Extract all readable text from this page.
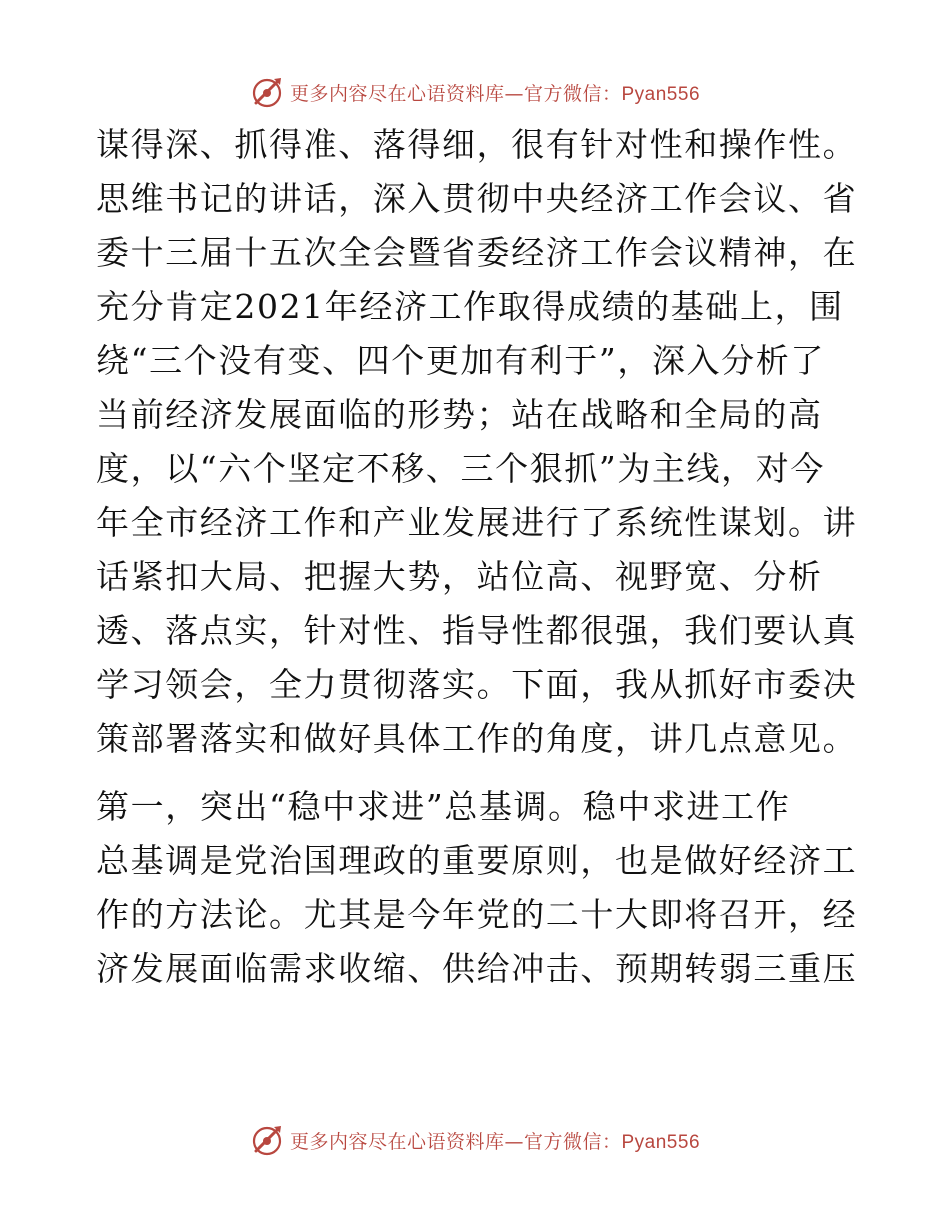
更多内容尽在心语资料库—官方微信：Pyan556
谋得深、抓得准、落得细，很有针对性和操作性。
思维书记的讲话，深入贯彻中央经济工作会议、省
委十三届十五次全会暨省委经济工作会议精神，在
充分肯定2021年经济工作取得成绩的基础上，围
绕“三个没有变、四个更加有利于”，深入分析了
当前经济发展面临的形势；站在战略和全局的高
度，以“六个坚定不移、三个狠抓”为主线，对今
年全市经济工作和产业发展进行了系统性谋划。讲
话紧扣大局、把握大势，站位高、视野宽、分析
透、落点实，针对性、指导性都很强，我们要认真
学习领会，全力贯彻落实。下面，我从抓好市委决
策部署落实和做好具体工作的角度，讲几点意见。
第一，突出“稳中求进”总基调。稳中求进工作
总基调是党治国理政的重要原则，也是做好经济工
作的方法论。尤其是今年党的二十大即将召开，经
济发展面临需求收缩、供给冲击、预期转弱三重压
更多内容尽在心语资料库—官方微信：Pyan556
